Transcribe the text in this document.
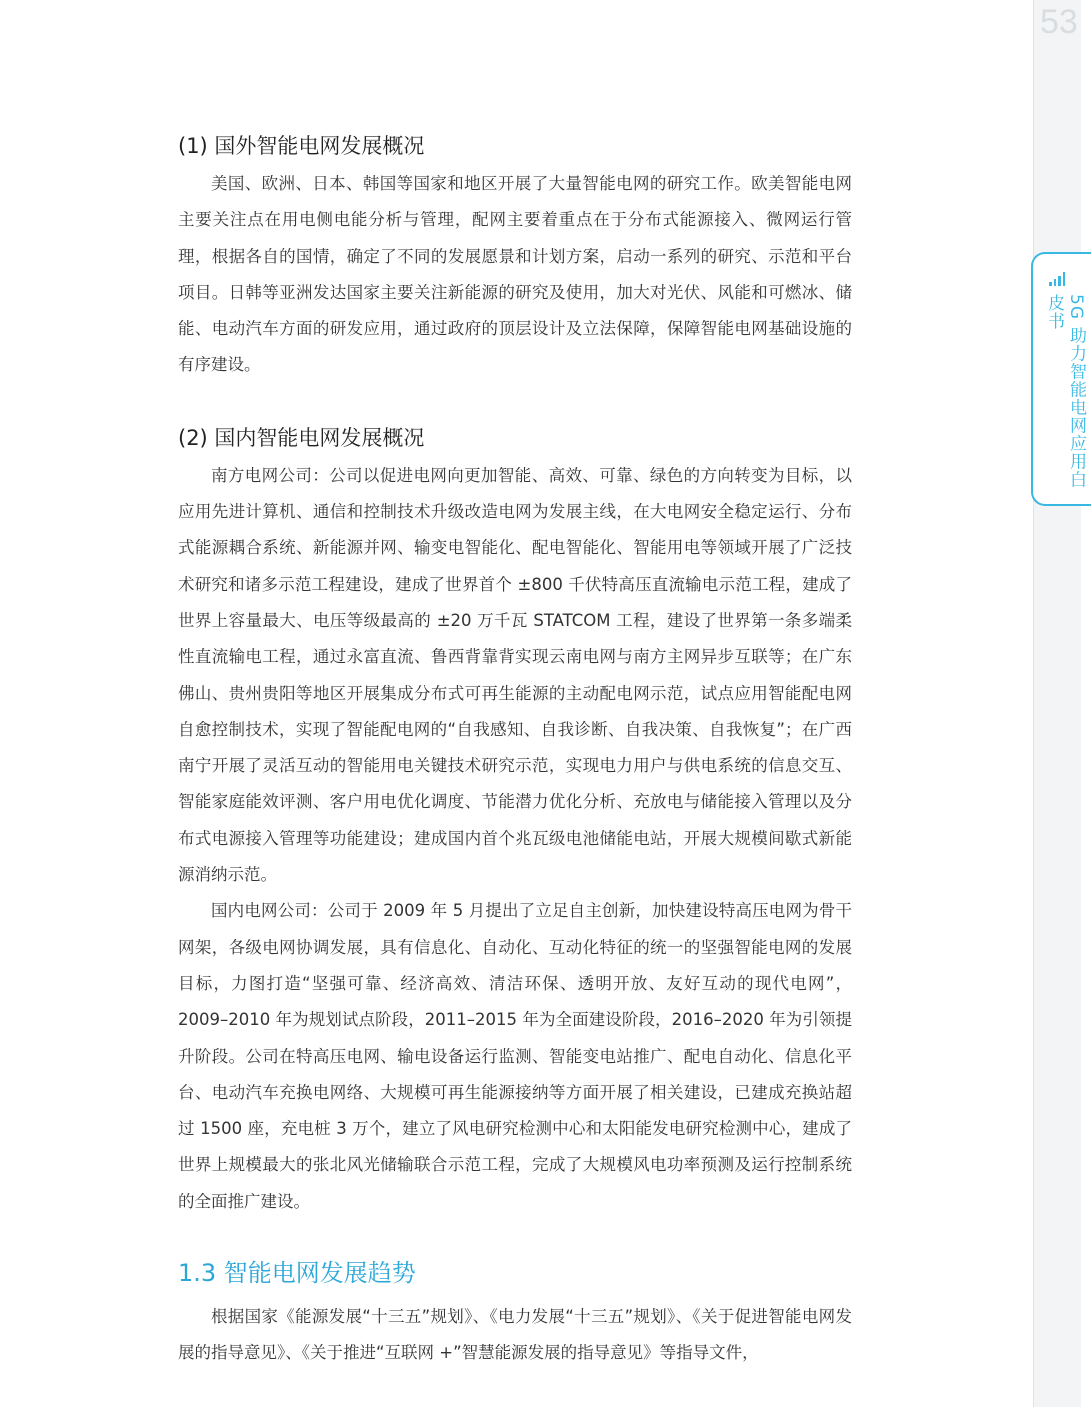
53
5G 助力智能电网应用白皮书
(1) 国外智能电网发展概况

美国、欧洲、日本、韩国等国家和地区开展了大量智能电网的研究工作。欧美智能电网主要关注点在用电侧电能分析与管理，配网主要着重点在于分布式能源接入、微网运行管理，根据各自的国情，确定了不同的发展愿景和计划方案，启动一系列的研究、示范和平台项目。日韩等亚洲发达国家主要关注新能源的研究及使用，加大对光伏、风能和可燃冰、储能、电动汽车方面的研发应用，通过政府的顶层设计及立法保障，保障智能电网基础设施的有序建设。

(2) 国内智能电网发展概况

南方电网公司：公司以促进电网向更加智能、高效、可靠、绿色的方向转变为目标，以应用先进计算机、通信和控制技术升级改造电网为发展主线，在大电网安全稳定运行、分布式能源耦合系统、新能源并网、输变电智能化、配电智能化、智能用电等领域开展了广泛技术研究和诸多示范工程建设，建成了世界首个 ±800 千伏特高压直流输电示范工程，建成了世界上容量最大、电压等级最高的 ±20 万千瓦 STATCOM 工程，建设了世界第一条多端柔性直流输电工程，通过永富直流、鲁西背靠背实现云南电网与南方主网异步互联等；在广东佛山、贵州贵阳等地区开展集成分布式可再生能源的主动配电网示范，试点应用智能配电网自愈控制技术，实现了智能配电网的“自我感知、自我诊断、自我决策、自我恢复”；在广西南宁开展了灵活互动的智能用电关键技术研究示范，实现电力用户与供电系统的信息交互、智能家庭能效评测、客户用电优化调度、节能潜力优化分析、充放电与储能接入管理以及分布式电源接入管理等功能建设；建成国内首个兆瓦级电池储能电站，开展大规模间歇式新能源消纳示范。

国内电网公司：公司于 2009 年 5 月提出了立足自主创新，加快建设特高压电网为骨干网架，各级电网协调发展，具有信息化、自动化、互动化特征的统一的坚强智能电网的发展目标，力图打造“坚强可靠、经济高效、清洁环保、透明开放、友好互动的现代电网”，2009–2010 年为规划试点阶段，2011–2015 年为全面建设阶段，2016–2020 年为引领提升阶段。公司在特高压电网、输电设备运行监测、智能变电站推广、配电自动化、信息化平台、电动汽车充换电网络、大规模可再生能源接纳等方面开展了相关建设，已建成充换站超过 1500 座，充电桩 3 万个，建立了风电研究检测中心和太阳能发电研究检测中心，建成了世界上规模最大的张北风光储输联合示范工程，完成了大规模风电功率预测及运行控制系统的全面推广建设。

1.3 智能电网发展趋势

根据国家《能源发展“十三五”规划》、《电力发展“十三五”规划》、《关于促进智能电网发展的指导意见》、《关于推进“互联网 +”智慧能源发展的指导意见》等指导文件，
